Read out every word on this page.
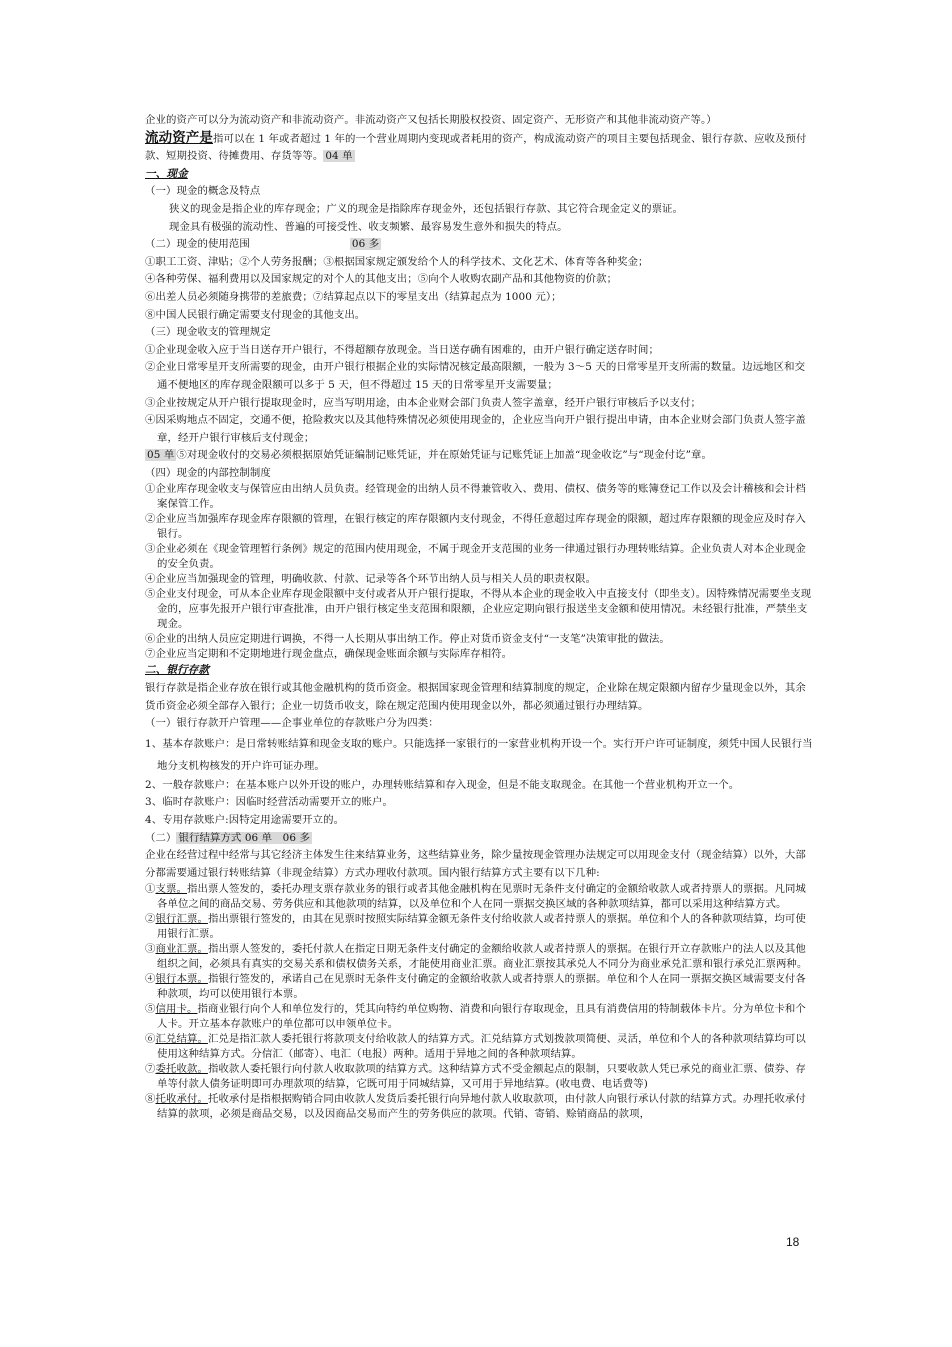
企业的资产可以分为流动资产和非流动资产。非流动资产又包括长期股权投资、固定资产、无形资产和其他非流动资产等。）

流动资产是指可以在 1 年或者超过 1 年的一个营业周期内变现或者耗用的资产，构成流动资产的项目主要包括现金、银行存款、应收及预付款、短期投资、待摊费用、存货等等。 04 单

一、现金

（一）现金的概念及特点

狭义的现金是指企业的库存现金；广义的现金是指除库存现金外，还包括银行存款、其它符合现金定义的票证。

现金具有极强的流动性、普遍的可接受性、收支频繁、最容易发生意外和损失的特点。

（二）现金的使用范围	06 多

①职工工资、津贴；②个人劳务报酬；③根据国家规定颁发给个人的科学技术、文化艺术、体育等各种奖金；

④各种劳保、福利费用以及国家规定的对个人的其他支出；⑤向个人收购农副产品和其他物资的价款；

⑥出差人员必须随身携带的差旅费；⑦结算起点以下的零星支出（结算起点为 1000 元）；

⑧中国人民银行确定需要支付现金的其他支出。

（三）现金收支的管理规定

①企业现金收入应于当日送存开户银行，不得超额存放现金。当日送存确有困难的，由开户银行确定送存时间；

②企业日常零星开支所需要的现金，由开户银行根据企业的实际情况核定最高限额，一般为 3～5 天的日常零星开支所需的数量。边远地区和交通不便地区的库存现金限额可以多于 5 天，但不得超过 15 天的日常零星开支需要量；

③企业按规定从开户银行提取现金时，应当写明用途，由本企业财会部门负责人签字盖章，经开户银行审核后予以支付；

④因采购地点不固定，交通不便，抢险救灾以及其他特殊情况必须使用现金的，企业应当向开户银行提出申请，由本企业财会部门负责人签字盖章，经开户银行审核后支付现金；

05 单 ⑤对现金收付的交易必须根据原始凭证编制记账凭证，并在原始凭证与记账凭证上加盖“现金收讫”与“现金付讫”章。

（四）现金的内部控制制度

①企业库存现金收支与保管应由出纳人员负责。经管现金的出纳人员不得兼管收入、费用、债权、债务等的账簿登记工作以及会计稽核和会计档案保管工作。

②企业应当加强库存现金库存限额的管理，在银行核定的库存限额内支付现金，不得任意超过库存现金的限额，超过库存限额的现金应及时存入银行。

③企业必须在《现金管理暂行条例》规定的范围内使用现金，不属于现金开支范围的业务一律通过银行办理转账结算。企业负责人对本企业现金的安全负责。

④企业应当加强现金的管理，明确收款、付款、记录等各个环节出纳人员与相关人员的职责权限。

⑤企业支付现金，可从本企业库存现金限额中支付或者从开户银行提取，不得从本企业的现金收入中直接支付（即坐支）。因特殊情况需要坐支现金的，应事先报开户银行审查批准，由开户银行核定坐支范围和限额，企业应定期向银行报送坐支金额和使用情况。未经银行批准，严禁坐支现金。

⑥企业的出纳人员应定期进行调换，不得一人长期从事出纳工作。停止对货币资金支付“一支笔”决策审批的做法。

⑦企业应当定期和不定期地进行现金盘点，确保现金账面余额与实际库存相符。

二、银行存款

银行存款是指企业存放在银行或其他金融机构的货币资金。根据国家现金管理和结算制度的规定，企业除在规定限额内留存少量现金以外，其余货币资金必须全部存入银行；企业一切货币收支，除在规定范围内使用现金以外，都必须通过银行办理结算。

（一）银行存款开户管理——企事业单位的存款账户分为四类：

1、基本存款账户：是日常转账结算和现金支取的账户。只能选择一家银行的一家营业机构开设一个。实行开户许可证制度，须凭中国人民银行当地分支机构核发的开户许可证办理。

2、一般存款账户：在基本账户以外开设的账户，办理转账结算和存入现金，但是不能支取现金。在其他一个营业机构开立一个。

3、临时存款账户：因临时经营活动需要开立的账户。

4、专用存款账户:因特定用途需要开立的。

（二） 银行结算方式 06 单　06 多

企业在经营过程中经常与其它经济主体发生往来结算业务，这些结算业务，除少量按现金管理办法规定可以用现金支付（现金结算）以外，大部分都需要通过银行转账结算（非现金结算）方式办理收付款项。国内银行结算方式主要有以下几种:

①支票。指出票人签发的，委托办理支票存款业务的银行或者其他金融机构在见票时无条件支付确定的金额给收款人或者持票人的票据。凡同城各单位之间的商品交易、劳务供应和其他款项的结算，以及单位和个人在同一票据交换区域的各种款项结算，都可以采用这种结算方式。

②银行汇票。指出票银行签发的，由其在见票时按照实际结算金额无条件支付给收款人或者持票人的票据。单位和个人的各种款项结算，均可使用银行汇票。

③商业汇票。指出票人签发的，委托付款人在指定日期无条件支付确定的金额给收款人或者持票人的票据。在银行开立存款账户的法人以及其他组织之间，必须具有真实的交易关系和债权债务关系，才能使用商业汇票。商业汇票按其承兑人不同分为商业承兑汇票和银行承兑汇票两种。

④银行本票。指银行签发的，承诺自己在见票时无条件支付确定的金额给收款人或者持票人的票据。单位和个人在同一票据交换区域需要支付各种款项，均可以使用银行本票。

⑤信用卡。指商业银行向个人和单位发行的，凭其向特约单位购物、消费和向银行存取现金，且具有消费信用的特制载体卡片。分为单位卡和个人卡。开立基本存款账户的单位都可以申领单位卡。

⑥汇兑结算。汇兑是指汇款人委托银行将款项支付给收款人的结算方式。汇兑结算方式划拨款项简便、灵活，单位和个人的各种款项结算均可以使用这种结算方式。分信汇（邮寄）、电汇（电报）两种。适用于异地之间的各种款项结算。

⑦委托收款。指收款人委托银行向付款人收取款项的结算方式。这种结算方式不受金额起点的限制，只要收款人凭已承兑的商业汇票、债券、存单等付款人债务证明即可办理款项的结算，它既可用于同城结算，又可用于异地结算。(收电费、电话费等)

⑧托收承付。托收承付是指根据购销合同由收款人发货后委托银行向异地付款人收取款项，由付款人向银行承认付款的结算方式。办理托收承付结算的款项，必须是商品交易，以及因商品交易而产生的劳务供应的款项。代销、寄销、赊销商品的款项，

18
